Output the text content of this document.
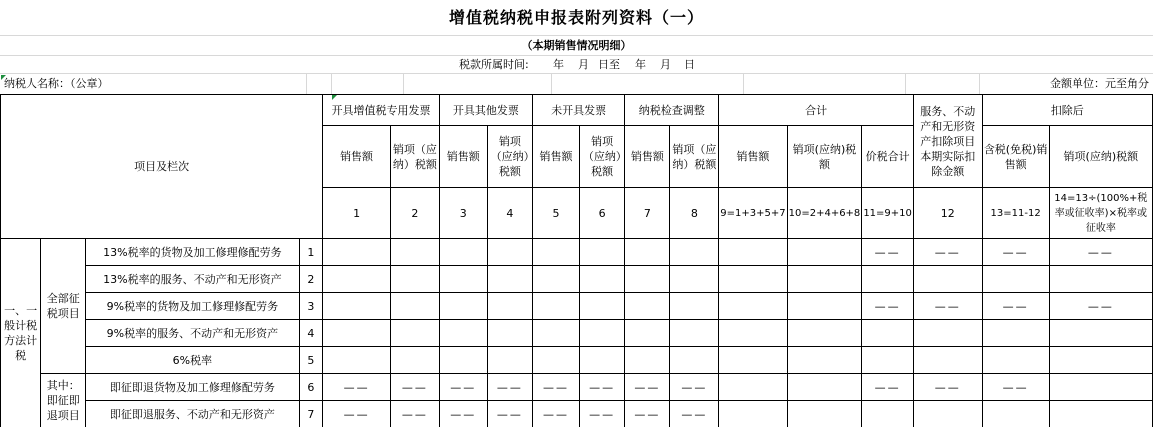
增值税纳税申报表附列资料（一）
（本期销售情况明细）
税款所属时间: 年 月 日至 年 月 日
纳税人名称：（公章）	金额单位：元至角分
项目及栏次				开具增值税专用发票		开具其他发票		未开具发票		纳税检查调整		合计			服务、不动产和无形资产扣除项目本期实际扣除金额	扣除后	
				销售额	销项（应纳）税额	销售额	销项（应纳）税额	销售额	销项（应纳）税额	销售额	销项（应纳）税额	销售额	销项(应纳)税额	价税合计		含税(免税)销售额	销项(应纳)税额
				1	2	3	4	5	6	7	8	9=1+3+5+7	10=2+4+6+8	11=9+10	12	13=11-12	14=13÷(100%+税率或征收率)×税率或征收率
一、一般计税方法计税	全部征税项目	13%税率的货物及加工修理修配劳务	1											——	——	——	——
		13%税率的服务、不动产和无形资产	2														
		9%税率的货物及加工修理修配劳务	3											——	——	——	——
		9%税率的服务、不动产和无形资产	4														
		6%税率	5														
	其中：即征即退项目	即征即退货物及加工修理修配劳务	6	——	——	——	——	——	——	——	——			——	——	——	
		即征即退服务、不动产和无形资产	7	——	——	——	——	——	——	——	——						
